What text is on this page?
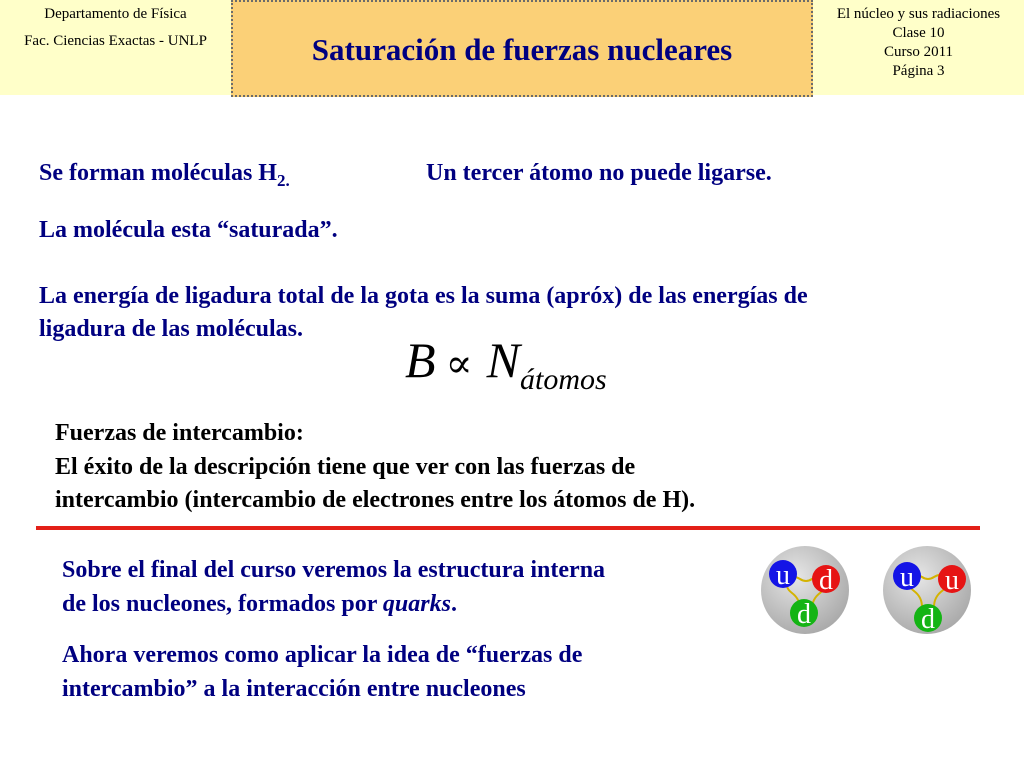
Departamento de Física
Fac. Ciencias Exactas - UNLP	Saturación de fuerzas nucleares
El núcleo y sus radiaciones
Clase 10
Curso 2011
Página 3
Se forman moléculas $H_{2.}$	Un tercer átomo no puede ligarse.
La molécula esta “saturada”.
La energía de ligadura total de la gota es la suma (apróx) de las energías de
ligadura de las moléculas.
$B \propto N_{átomos}$
Fuerzas de intercambio:
El éxito de la descripción tiene que ver con las fuerzas de
intercambio (intercambio de electrones entre los átomos de H).
Sobre el final del curso veremos la estructura interna
de los nucleones, formados por quarks.
Ahora veremos como aplicar la idea de “fuerzas de
intercambio” a la interacción entre nucleones
u d
d
u u
d
